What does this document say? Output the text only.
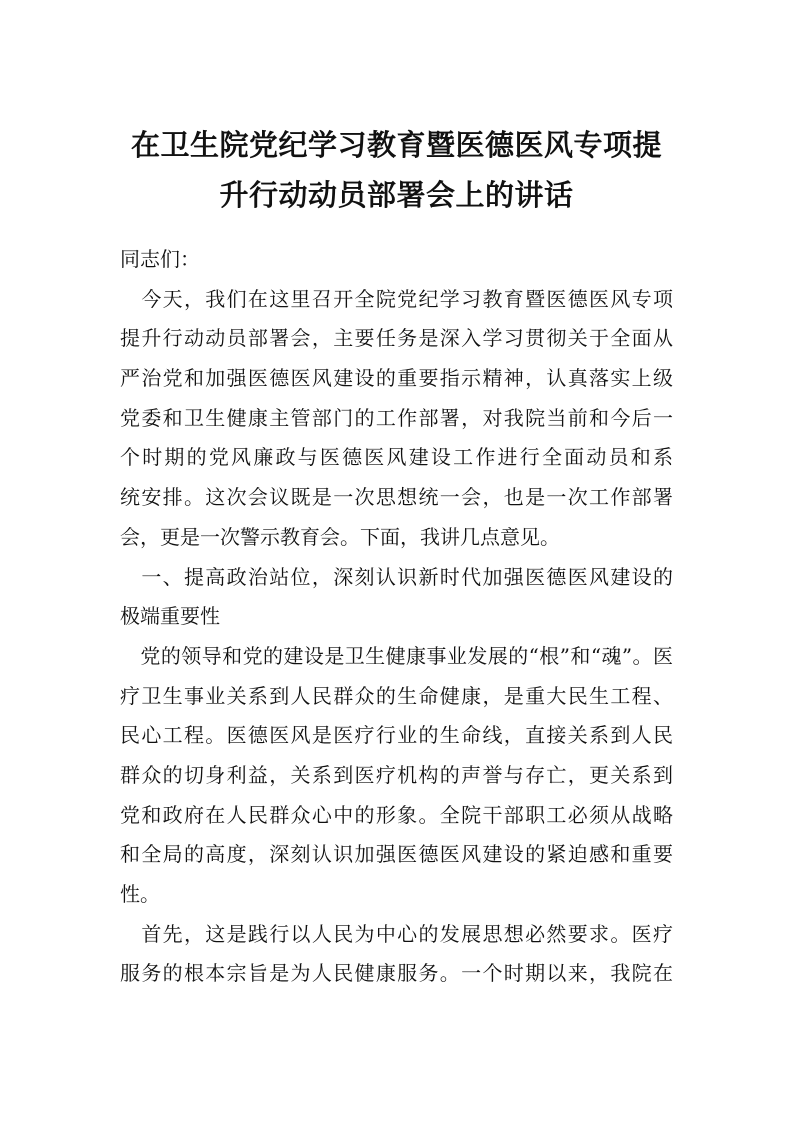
在卫生院党纪学习教育暨医德医风专项提
升行动动员部署会上的讲话
同志们：
　今天，我们在这里召开全院党纪学习教育暨医德医风专项
提升行动动员部署会，主要任务是深入学习贯彻关于全面从
严治党和加强医德医风建设的重要指示精神，认真落实上级
党委和卫生健康主管部门的工作部署，对我院当前和今后一
个时期的党风廉政与医德医风建设工作进行全面动员和系
统安排。这次会议既是一次思想统一会，也是一次工作部署
会，更是一次警示教育会。下面，我讲几点意见。
　一、提高政治站位，深刻认识新时代加强医德医风建设的
极端重要性
　党的领导和党的建设是卫生健康事业发展的“根”和“魂”。医
疗卫生事业关系到人民群众的生命健康，是重大民生工程、
民心工程。医德医风是医疗行业的生命线，直接关系到人民
群众的切身利益，关系到医疗机构的声誉与存亡，更关系到
党和政府在人民群众心中的形象。全院干部职工必须从战略
和全局的高度，深刻认识加强医德医风建设的紧迫感和重要
性。
　首先，这是践行以人民为中心的发展思想必然要求。医疗
服务的根本宗旨是为人民健康服务。一个时期以来，我院在
